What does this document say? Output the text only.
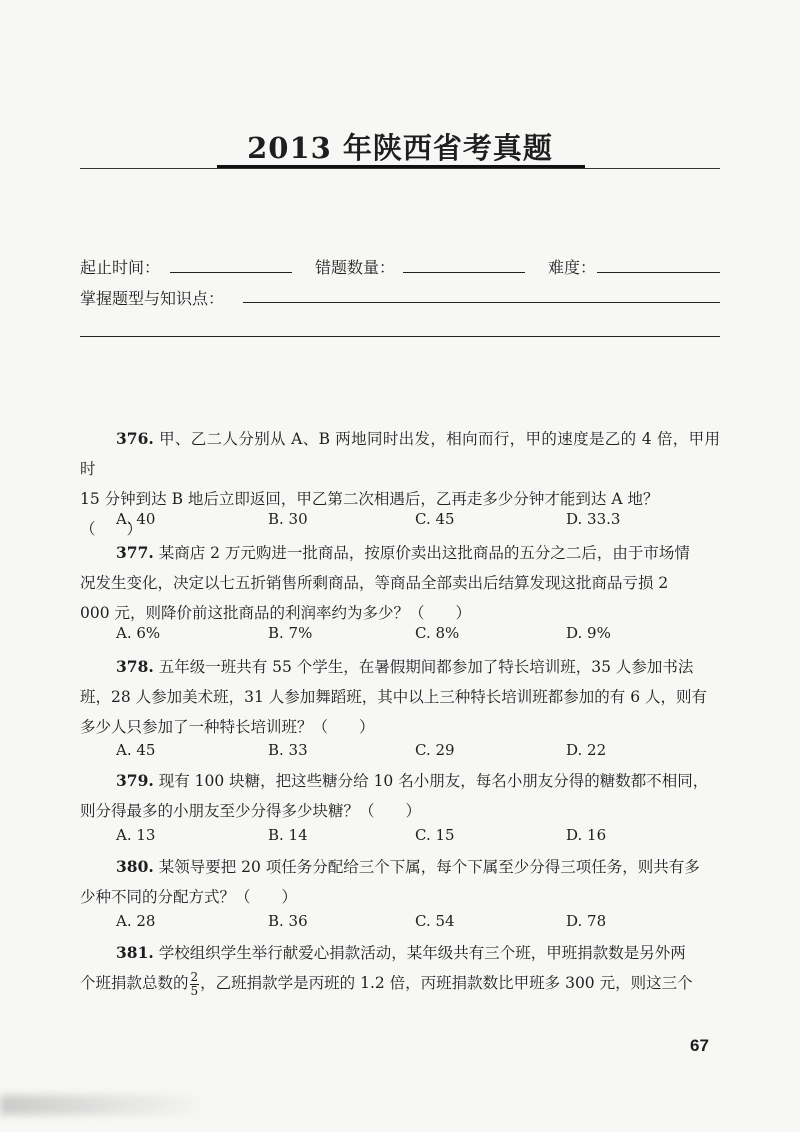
2013 年陕西省考真题
起止时间：	错题数量：	难度：
掌握题型与知识点：
376. 甲、乙二人分别从 A、B 两地同时出发，相向而行，甲的速度是乙的 4 倍，甲用时
15 分钟到达 B 地后立即返回，甲乙第二次相遇后，乙再走多少分钟才能到达 A 地？
（　　）
A. 40	B. 30	C. 45	D. 33.3
377. 某商店 2 万元购进一批商品，按原价卖出这批商品的五分之二后，由于市场情
况发生变化，决定以七五折销售所剩商品，等商品全部卖出后结算发现这批商品亏损 2
000 元，则降价前这批商品的利润率约为多少？（　　）
A. 6%	B. 7%	C. 8%	D. 9%
378. 五年级一班共有 55 个学生，在暑假期间都参加了特长培训班，35 人参加书法
班，28 人参加美术班，31 人参加舞蹈班，其中以上三种特长培训班都参加的有 6 人，则有
多少人只参加了一种特长培训班？（　　）
A. 45	B. 33	C. 29	D. 22
379. 现有 100 块糖，把这些糖分给 10 名小朋友，每名小朋友分得的糖数都不相同，
则分得最多的小朋友至少分得多少块糖？（　　）
A. 13	B. 14	C. 15	D. 16
380. 某领导要把 20 项任务分配给三个下属，每个下属至少分得三项任务，则共有多
少种不同的分配方式？（　　）
A. 28	B. 36	C. 54	D. 78
381. 学校组织学生举行献爱心捐款活动，某年级共有三个班，甲班捐款数是另外两
个班捐款总数的 $\frac{2}{5}$ ，乙班捐款学是丙班的 1.2 倍，丙班捐款数比甲班多 300 元，则这三个
67
